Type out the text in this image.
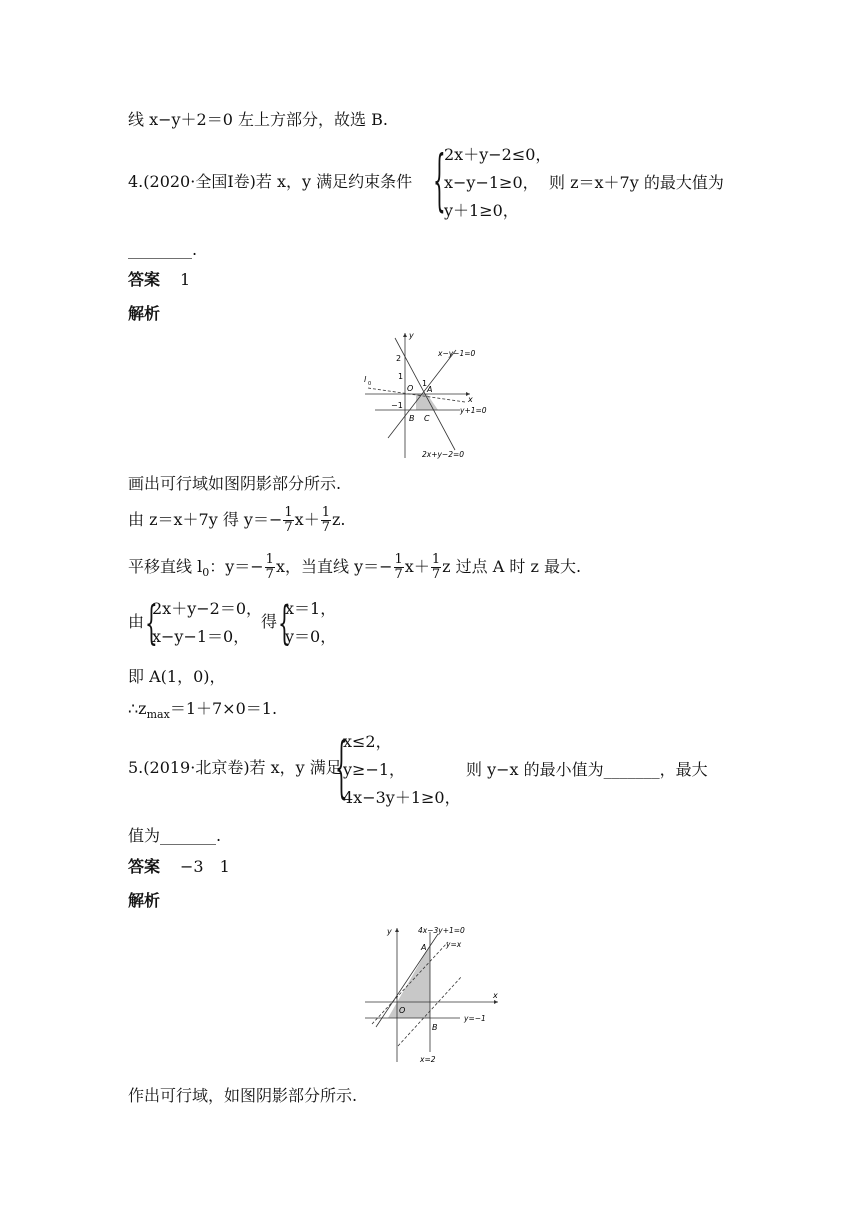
线 x−y＋2＝0 左上方部分，故选 B.
4.(2020·全国Ⅰ卷)若 x，y 满足约束条件 {
2x＋y−2≤0，
x−y−1≥0，
y＋1≥0，
则 z＝x＋7y 的最大值为
________.
答案 1
解析
y
x
2
1
O
1
−1
l 0
A
B C
x−y−1=0
y+1=0
2x+y−2=0
画出可行域如图阴影部分所示.
由 z＝x＋7y 得 $y=- \frac{1}{7} x+ \frac{1}{7} z$.
平移直线 $l_0$：$y=- \frac{1}{7}$ x，当直线 $y=- \frac{1}{7} x+ \frac{1}{7}$ z 过点 A 时 z 最大.
由 {
2x＋y−2＝0，
x−y−1＝0，
得 {
x＝1，
y＝0，
即 A(1，0)，
$\therefore z_{max}=1+7\times 0=1$.
5.(2019·北京卷)若 x，y 满足
{
x≤2，
y≥−1，
4x−3y＋1≥0，
则 y−x 的最小值为_______，最大
值为_______.
答案 −3　1
解析
y
x
4x−3y+1=0
y=x
A
O
B
y=−1
x=2
作出可行域，如图阴影部分所示.
